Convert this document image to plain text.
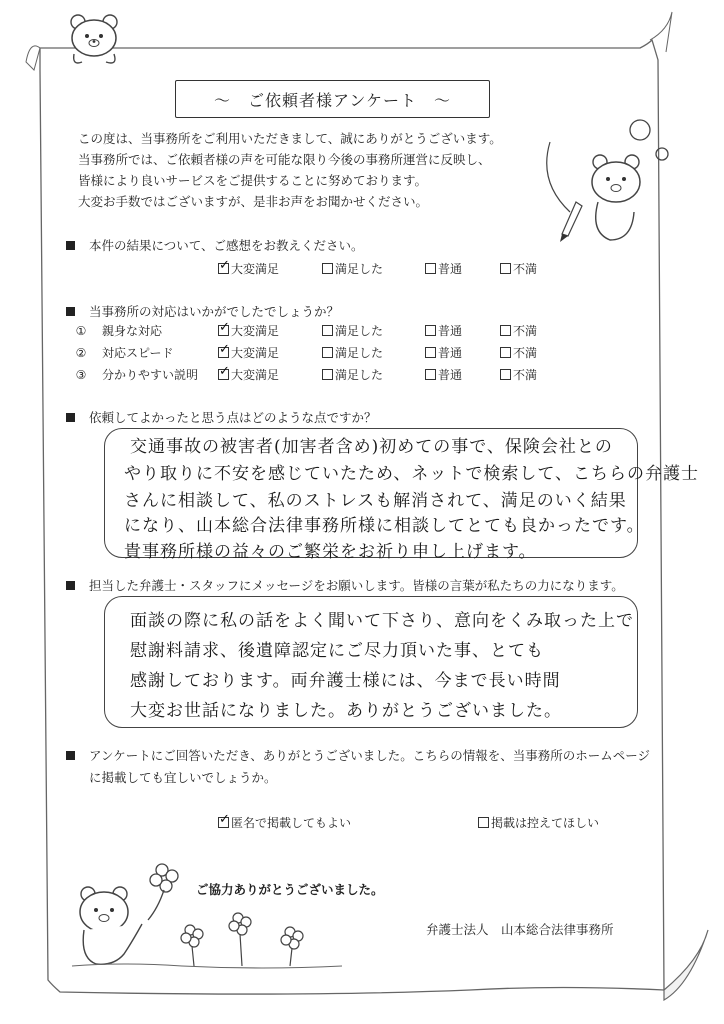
～　ご依頼者様アンケート　～
この度は、当事務所をご利用いただきまして、誠にありがとうございます。
当事務所では、ご依頼者様の声を可能な限り今後の事務所運営に反映し、
皆様により良いサービスをご提供することに努めております。
大変お手数ではございますが、是非お声をお聞かせください。
本件の結果について、ご感想をお教えください。
✓大変満足	満足した	普通	不満
当事務所の対応はいかがでしたでしょうか？
①　 親身な対応 ✓	大変満足	満足した	普通	不満
②　 対応スピード ✓	大変満足	満足した	普通	不満
③　 分かりやすい説明 ✓	大変満足	満足した	普通	不満
依頼してよかったと思う点はどのような点ですか？
交通事故の被害者(加害者含め)初めての事で、保険会社との
やり取りに不安を感じていたため、ネットで検索して、こちらの弁護士
さんに相談して、私のストレスも解消されて、満足のいく結果
になり、山本総合法律事務所様に相談してとても良かったです。
貴事務所様の益々のご繁栄をお祈り申し上げます。
担当した弁護士・スタッフにメッセージをお願いします。皆様の言葉が私たちの力になります。
面談の際に私の話をよく聞いて下さり、意向をくみ取った上で
慰謝料請求、後遺障認定にご尽力頂いた事、とても
感謝しております。両弁護士様には、今まで長い時間
大変お世話になりました。ありがとうございました。
アンケートにご回答いただき、ありがとうございました。こちらの情報を、当事務所のホームページ
に掲載しても宜しいでしょうか。
✓匿名で掲載してもよい	掲載は控えてほしい
ご協力ありがとうございました。
弁護士法人　山本総合法律事務所
